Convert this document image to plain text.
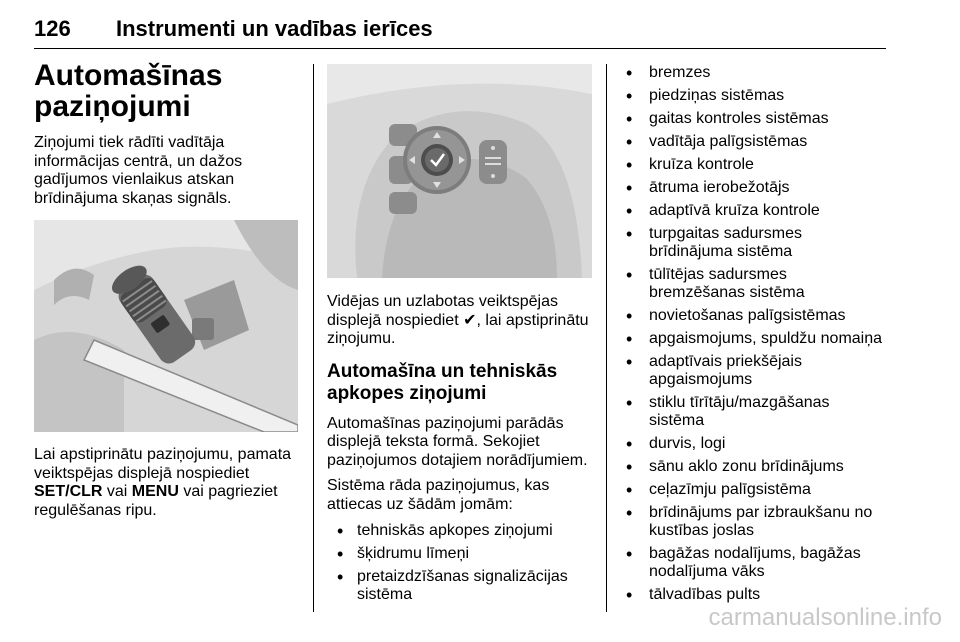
126 Instrumenti un vadības ierīces
Automašīnas
paziņojumi

Ziņojumi tiek rādīti vadītāja
informācijas centrā, un dažos
gadījumos vienlaikus atskan
brīdinājuma skaņas signāls.

Lai apstiprinātu paziņojumu, pamata
veiktspējas displejā nospiediet
SET/CLR vai MENU vai pagrieziet
regulēšanas ripu.

Vidējas un uzlabotas veiktspējas
displejā nospiediet ✔, lai apstiprinātu
ziņojumu.

Automašīna un tehniskās
apkopes ziņojumi

Automašīnas paziņojumi parādās
displejā teksta formā. Sekojiet
paziņojumos dotajiem norādījumiem.

Sistēma rāda paziņojumus, kas
attiecas uz šādām jomām:

• tehniskās apkopes ziņojumi
• šķidrumu līmeņi
• pretaizdzīšanas signalizācijas
sistēma
• bremzes
• piedziņas sistēmas
• gaitas kontroles sistēmas
• vadītāja palīgsistēmas
• kruīza kontrole
• ātruma ierobežotājs
• adaptīvā kruīza kontrole
• turpgaitas sadursmes
brīdinājuma sistēma
• tūlītējas sadursmes
bremzēšanas sistēma
• novietošanas palīgsistēmas
• apgaismojums, spuldžu nomaiņa
• adaptīvais priekšējais
apgaismojums
• stiklu tīrītāju/mazgāšanas
sistēma
• durvis, logi
• sānu aklo zonu brīdinājums
• ceļazīmju palīgsistēma
• brīdinājums par izbraukšanu no
kustības joslas
• bagāžas nodalījums, bagāžas
nodalījuma vāks
• tālvadības pults
carmanualsonline.info
